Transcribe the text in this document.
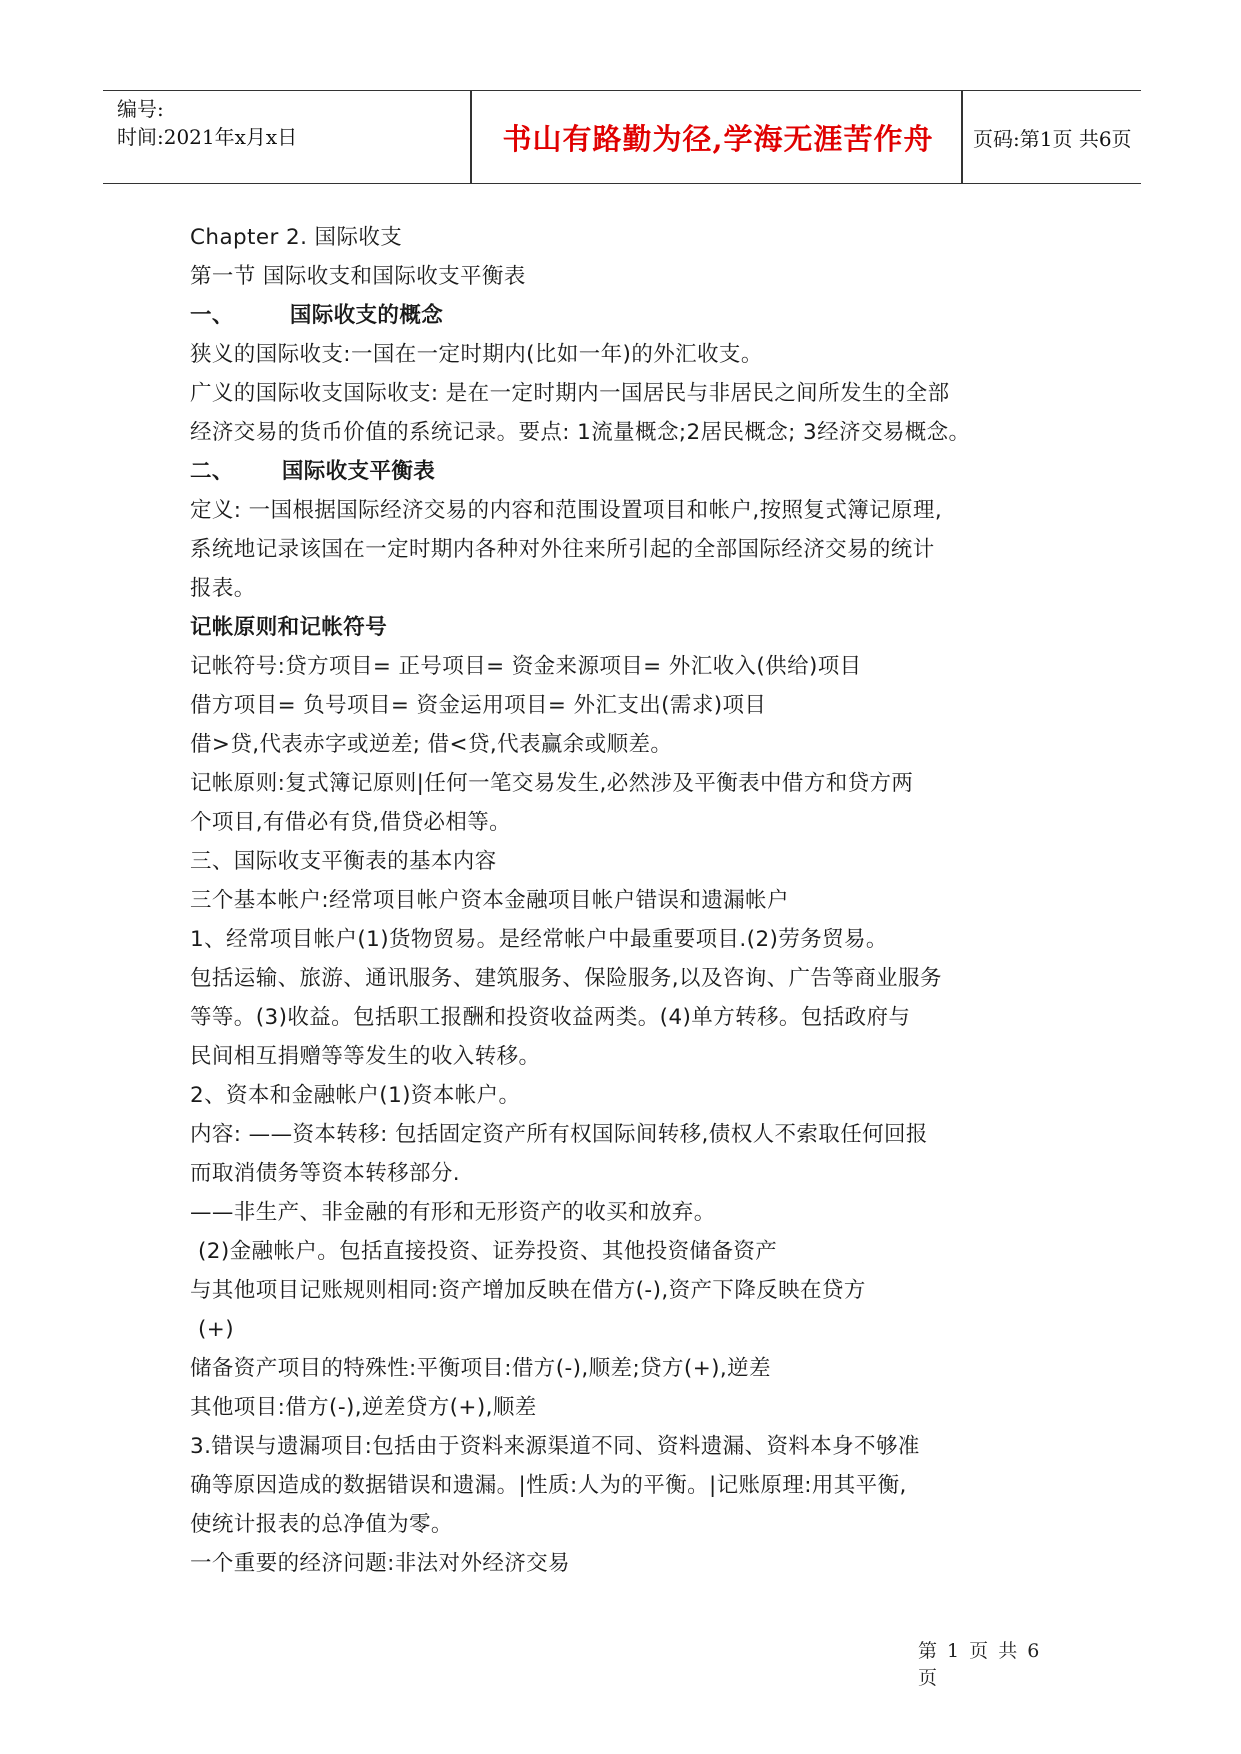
编号:
时间:2021年x月x日	书山有路勤为径,学海无涯苦作舟	页码:第1页 共6页
Chapter 2. 国际收支
第一节 国际收支和国际收支平衡表
一、	国际收支的概念
狭义的国际收支:一国在一定时期内(比如一年)的外汇收支。
广义的国际收支国际收支: 是在一定时期内一国居民与非居民之间所发生的全部
经济交易的货币价值的系统记录。要点: 1流量概念;2居民概念; 3经济交易概念。
二、 国际收支平衡表
定义: 一国根据国际经济交易的内容和范围设置项目和帐户,按照复式簿记原理,
系统地记录该国在一定时期内各种对外往来所引起的全部国际经济交易的统计
报表。
记帐原则和记帐符号
记帐符号:贷方项目= 正号项目= 资金来源项目= 外汇收入(供给)项目
借方项目= 负号项目= 资金运用项目= 外汇支出(需求)项目
借>贷,代表赤字或逆差; 借<贷,代表赢余或顺差。
记帐原则:复式簿记原则|任何一笔交易发生,必然涉及平衡表中借方和贷方两
个项目,有借必有贷,借贷必相等。
三、国际收支平衡表的基本内容
三个基本帐户:经常项目帐户资本金融项目帐户错误和遗漏帐户
1、经常项目帐户(1)货物贸易。是经常帐户中最重要项目.(2)劳务贸易。
包括运输、旅游、通讯服务、建筑服务、保险服务,以及咨询、广告等商业服务
等等。(3)收益。包括职工报酬和投资收益两类。(4)单方转移。包括政府与
民间相互捐赠等等发生的收入转移。
2、资本和金融帐户(1)资本帐户。
内容: ——资本转移: 包括固定资产所有权国际间转移,债权人不索取任何回报
而取消债务等资本转移部分.
——非生产、非金融的有形和无形资产的收买和放弃。
(2)金融帐户。包括直接投资、证券投资、其他投资储备资产
与其他项目记账规则相同:资产增加反映在借方(-),资产下降反映在贷方
(+)
储备资产项目的特殊性:平衡项目:借方(-),顺差;贷方(+),逆差
其他项目:借方(-),逆差贷方(+),顺差
3.错误与遗漏项目:包括由于资料来源渠道不同、资料遗漏、资料本身不够准
确等原因造成的数据错误和遗漏。|性质:人为的平衡。|记账原理:用其平衡,
使统计报表的总净值为零。
一个重要的经济问题:非法对外经济交易
第 1 页 共 6 页
